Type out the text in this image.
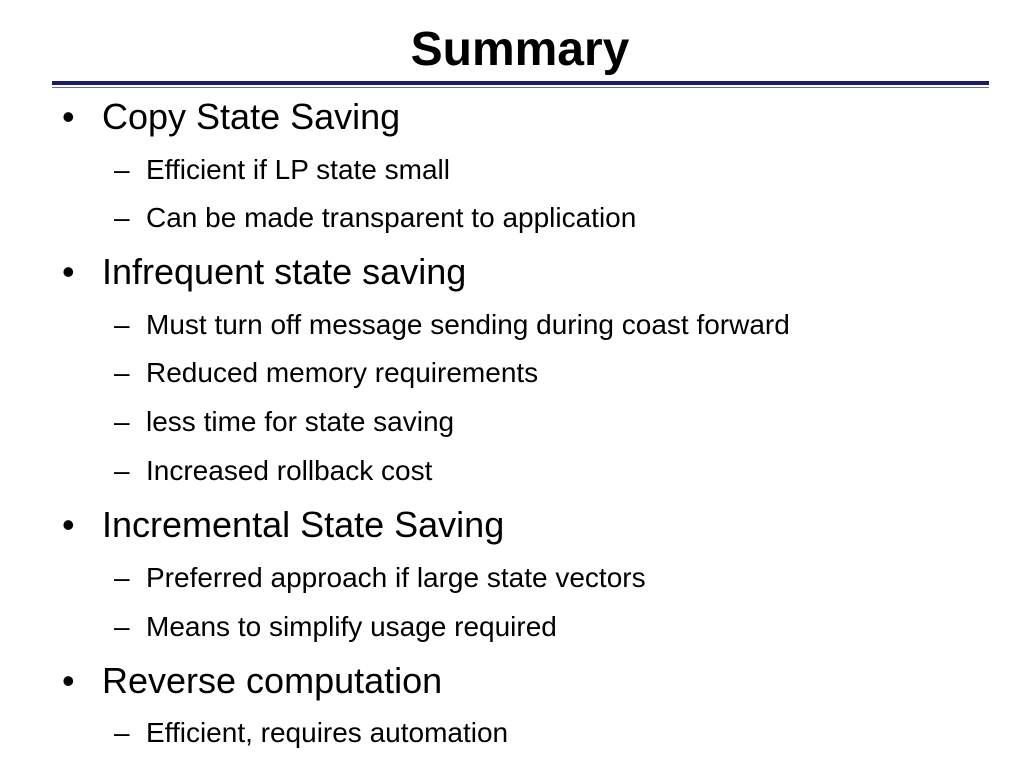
Summary
• Copy State Saving
– Efficient if LP state small
– Can be made transparent to application
• Infrequent state saving
– Must turn off message sending during coast forward
– Reduced memory requirements
– less time for state saving
– Increased rollback cost
• Incremental State Saving
– Preferred approach if large state vectors
– Means to simplify usage required
• Reverse computation
– Efficient, requires automation
